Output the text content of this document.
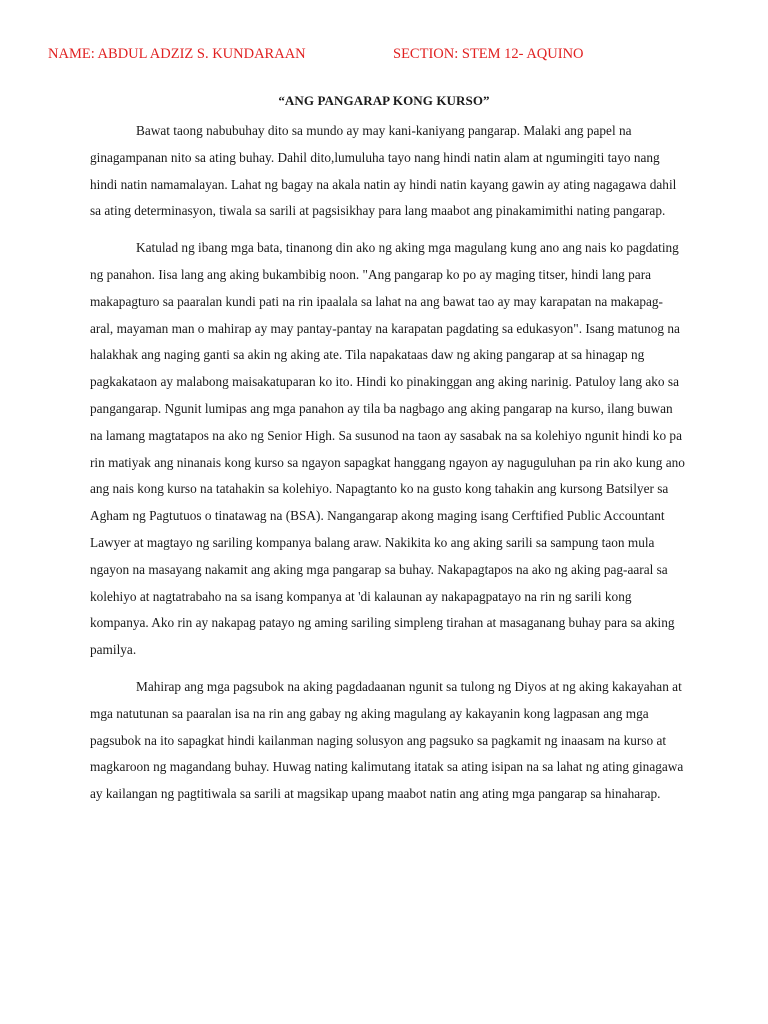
NAME: ABDUL ADZIZ S. KUNDARAAN	SECTION: STEM 12- AQUINO
“ANG PANGARAP KONG KURSO”

Bawat taong nabubuhay dito sa mundo ay may kani-kaniyang pangarap. Malaki ang papel na ginagampanan nito sa ating buhay. Dahil dito,lumuluha tayo nang hindi natin alam at ngumingiti tayo nang hindi natin namamalayan. Lahat ng bagay na akala natin ay hindi natin kayang gawin ay ating nagagawa dahil sa ating determinasyon, tiwala sa sarili at pagsisikhay para lang maabot ang pinakamimithi nating pangarap.

Katulad ng ibang mga bata, tinanong din ako ng aking mga magulang kung ano ang nais ko pagdating ng panahon. Iisa lang ang aking bukambibig noon. "Ang pangarap ko po ay maging titser, hindi lang para makapagturo sa paaralan kundi pati na rin ipaalala sa lahat na ang bawat tao ay may karapatan na makapag-aral, mayaman man o mahirap ay may pantay-pantay na karapatan pagdating sa edukasyon". Isang matunog na halakhak ang naging ganti sa akin ng aking ate. Tila napakataas daw ng aking pangarap at sa hinagap ng pagkakataon ay malabong maisakatuparan ko ito. Hindi ko pinakinggan ang aking narinig. Patuloy lang ako sa pangangarap. Ngunit lumipas ang mga panahon ay tila ba nagbago ang aking pangarap na kurso, ilang buwan na lamang magtatapos na ako ng Senior High. Sa susunod na taon ay sasabak na sa kolehiyo ngunit hindi ko pa rin matiyak ang ninanais kong kurso sa ngayon sapagkat hanggang ngayon ay naguguluhan pa rin ako kung ano ang nais kong kurso na tatahakin sa kolehiyo. Napagtanto ko na gusto kong tahakin ang kursong Batsilyer sa Agham ng Pagtutuos o tinatawag na (BSA). Nangangarap akong maging isang Cerftified Public Accountant Lawyer at magtayo ng sariling kompanya balang araw. Nakikita ko ang aking sarili sa sampung taon mula ngayon na masayang nakamit ang aking mga pangarap sa buhay. Nakapagtapos na ako ng aking pag-aaral sa kolehiyo at nagtatrabaho na sa isang kompanya at 'di kalaunan ay nakapagpatayo na rin ng sarili kong kompanya. Ako rin ay nakapag patayo ng aming sariling simpleng tirahan at masaganang buhay para sa aking pamilya.

Mahirap ang mga pagsubok na aking pagdadaanan ngunit sa tulong ng Diyos at ng aking kakayahan at mga natutunan sa paaralan isa na rin ang gabay ng aking magulang ay kakayanin kong lagpasan ang mga pagsubok na ito sapagkat hindi kailanman naging solusyon ang pagsuko sa pagkamit ng inaasam na kurso at magkaroon ng magandang buhay. Huwag nating kalimutang itatak sa ating isipan na sa lahat ng ating ginagawa ay kailangan ng pagtitiwala sa sarili at magsikap upang maabot natin ang ating mga pangarap sa hinaharap.
